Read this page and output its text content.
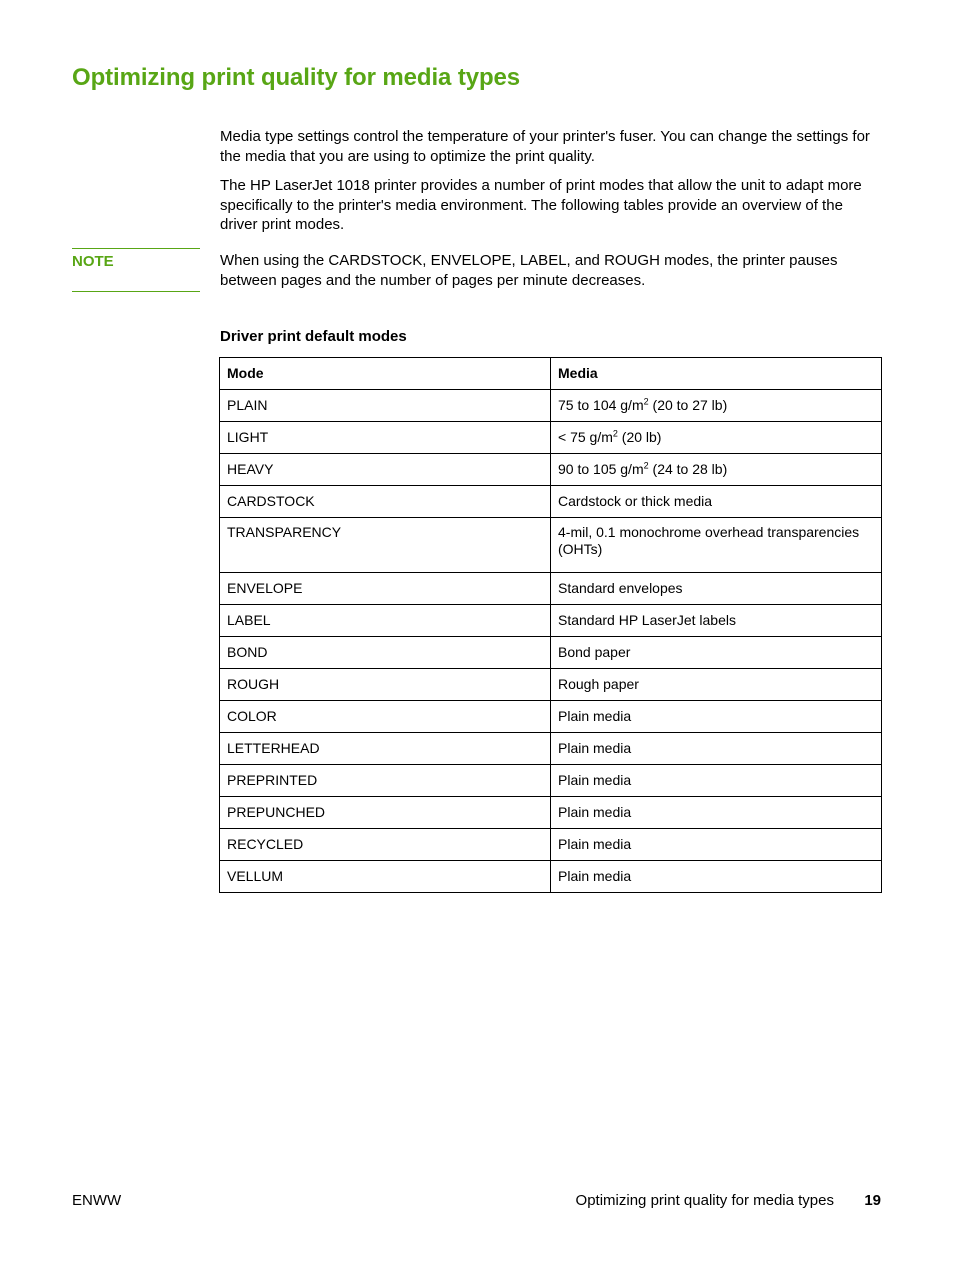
Optimizing print quality for media types

Media type settings control the temperature of your printer's fuser. You can change the settings for the media that you are using to optimize the print quality.

The HP LaserJet 1018 printer provides a number of print modes that allow the unit to adapt more specifically to the printer's media environment. The following tables provide an overview of the driver print modes.

NOTE	When using the CARDSTOCK, ENVELOPE, LABEL, and ROUGH modes, the printer pauses between pages and the number of pages per minute decreases.

Driver print default modes

Mode	Media
PLAIN	75 to 104 $g/m^2$ (20 to 27 lb)
LIGHT	< 75 $g/m^2$ (20 lb)
HEAVY	90 to 105 $g/m^2$ (24 to 28 lb)
CARDSTOCK	Cardstock or thick media
TRANSPARENCY	4-mil, 0.1 monochrome overhead transparencies (OHTs)
ENVELOPE	Standard envelopes
LABEL	Standard HP LaserJet labels
BOND	Bond paper
ROUGH	Rough paper
COLOR	Plain media
LETTERHEAD	Plain media
PREPRINTED	Plain media
PREPUNCHED	Plain media
RECYCLED	Plain media
VELLUM	Plain media
ENWW	Optimizing print quality for media types 19
